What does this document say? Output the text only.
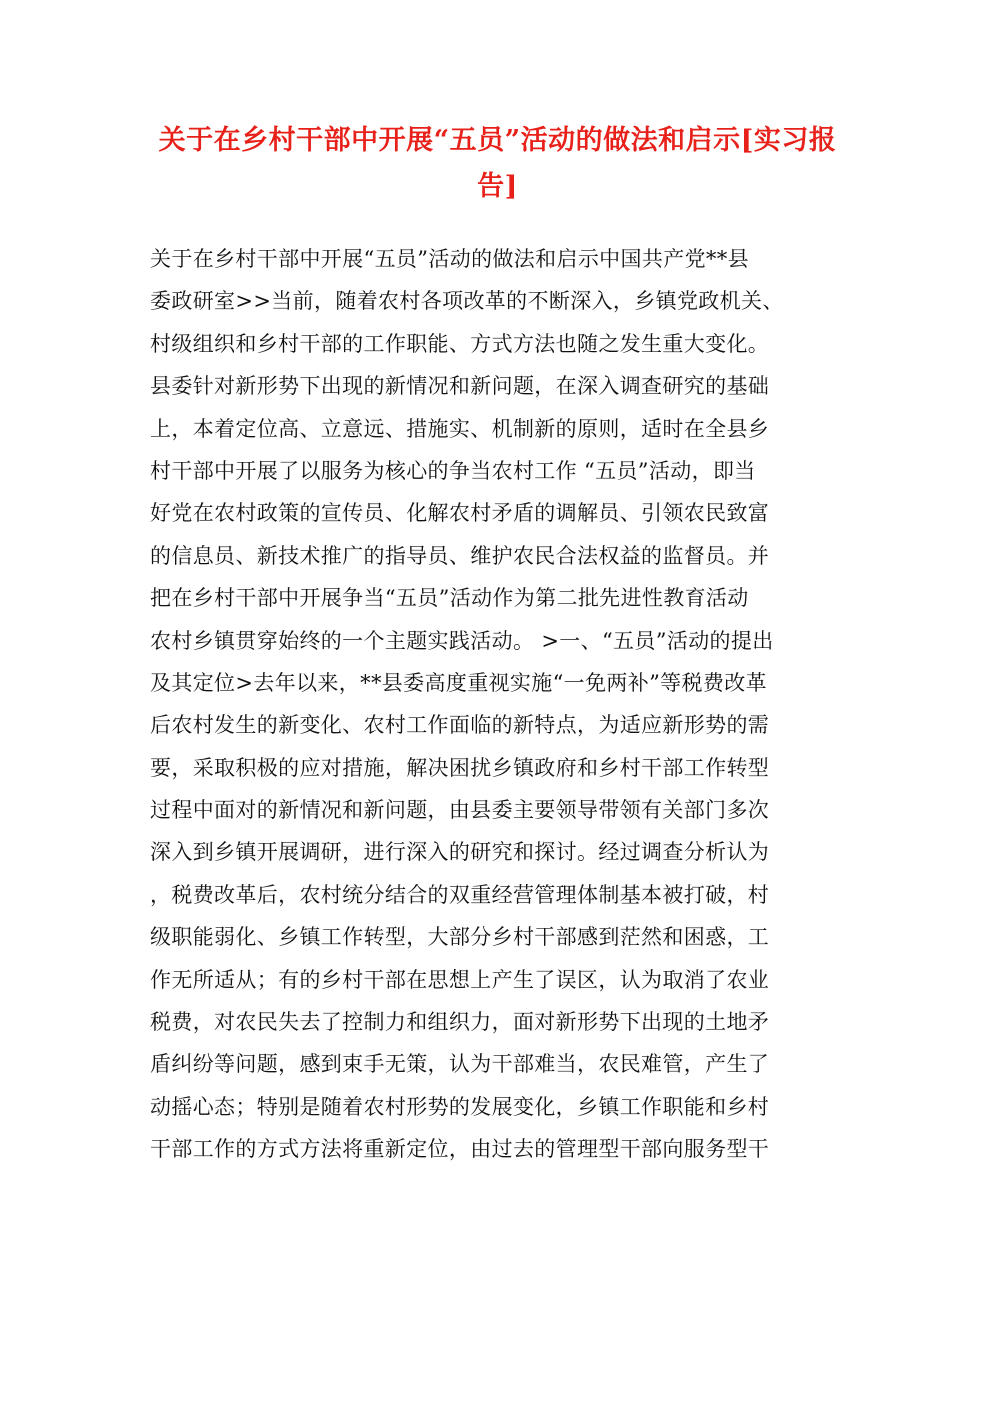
关于在乡村干部中开展“五员”活动的做法和启示[实习报
告]
关于在乡村干部中开展“五员”活动的做法和启示中国共产党**县
委政研室>>当前，随着农村各项改革的不断深入，乡镇党政机关、
村级组织和乡村干部的工作职能、方式方法也随之发生重大变化。
县委针对新形势下出现的新情况和新问题，在深入调查研究的基础
上，本着定位高、立意远、措施实、机制新的原则，适时在全县乡
村干部中开展了以服务为核心的争当农村工作 “五员”活动，即当
好党在农村政策的宣传员、化解农村矛盾的调解员、引领农民致富
的信息员、新技术推广的指导员、维护农民合法权益的监督员。并
把在乡村干部中开展争当“五员”活动作为第二批先进性教育活动
农村乡镇贯穿始终的一个主题实践活动。 >一、“五员”活动的提出
及其定位>去年以来，**县委高度重视实施“一免两补”等税费改革
后农村发生的新变化、农村工作面临的新特点，为适应新形势的需
要，采取积极的应对措施，解决困扰乡镇政府和乡村干部工作转型
过程中面对的新情况和新问题，由县委主要领导带领有关部门多次
深入到乡镇开展调研，进行深入的研究和探讨。经过调查分析认为
，税费改革后，农村统分结合的双重经营管理体制基本被打破，村
级职能弱化、乡镇工作转型，大部分乡村干部感到茫然和困惑，工
作无所适从；有的乡村干部在思想上产生了误区，认为取消了农业
税费，对农民失去了控制力和组织力，面对新形势下出现的土地矛
盾纠纷等问题，感到束手无策，认为干部难当，农民难管，产生了
动摇心态；特别是随着农村形势的发展变化，乡镇工作职能和乡村
干部工作的方式方法将重新定位，由过去的管理型干部向服务型干
